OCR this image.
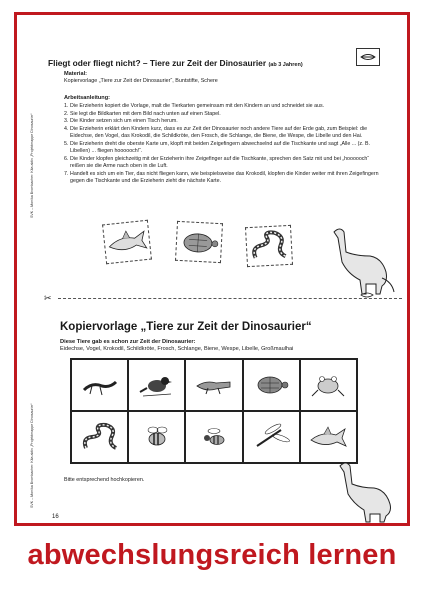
SVK – Monika Brombacher: Kita aktiv „Projektmappe Dinosaurier“
SVK – Monika Brombacher: Kita aktiv „Projektmappe Dinosaurier“
Fliegt oder fliegt nicht? – Tiere zur Zeit der Dinosaurier (ab 3 Jahren)
Material:
Kopiervorlage „Tiere zur Zeit der Dinosaurier“, Buntstifte, Schere
Arbeitsanleitung:
1. Die Erzieherin kopiert die Vorlage, malt die Tierkarten gemeinsam mit den Kindern an und schneidet sie aus.
2. Sie legt die Bildkarten mit dem Bild nach unten auf einen Stapel.
3. Die Kinder setzen sich um einen Tisch herum.
4. Die Erzieherin erklärt den Kindern kurz, dass es zur Zeit der Dinosaurier noch andere Tiere auf der Erde gab, zum Beispiel: die Eidechse, den Vogel, das Krokodil, die Schildkröte, den Frosch, die Schlange, die Biene, die Wespe, die Libelle und den Hai.
5. Die Erzieherin dreht die oberste Karte um, klopft mit beiden Zeigefingern abwechselnd auf die Tischkante und sagt „Alle ... (z. B. Libellen) ... fliegen hoooooch!“.
6. Die Kinder klopfen gleichzeitig mit der Erzieherin ihre Zeigefinger auf die Tischkante, sprechen den Satz mit und bei „hoooooch“ reißen sie die Arme nach oben in die Luft.
7. Handelt es sich um ein Tier, das nicht fliegen kann, wie beispielsweise das Krokodil, klopfen die Kinder weiter mit ihren Zeigefingern gegen die Tischkante und die Erzieherin zieht die nächste Karte.
✂
Kopiervorlage „Tiere zur Zeit der Dinosaurier“
Diese Tiere gab es schon zur Zeit der Dinosaurier:
Eidechse, Vogel, Krokodil, Schildkröte, Frosch, Schlange, Biene, Wespe, Libelle, Großmaulhai
Bitte entsprechend hochkopieren.
16
abwechslungsreich lernen
